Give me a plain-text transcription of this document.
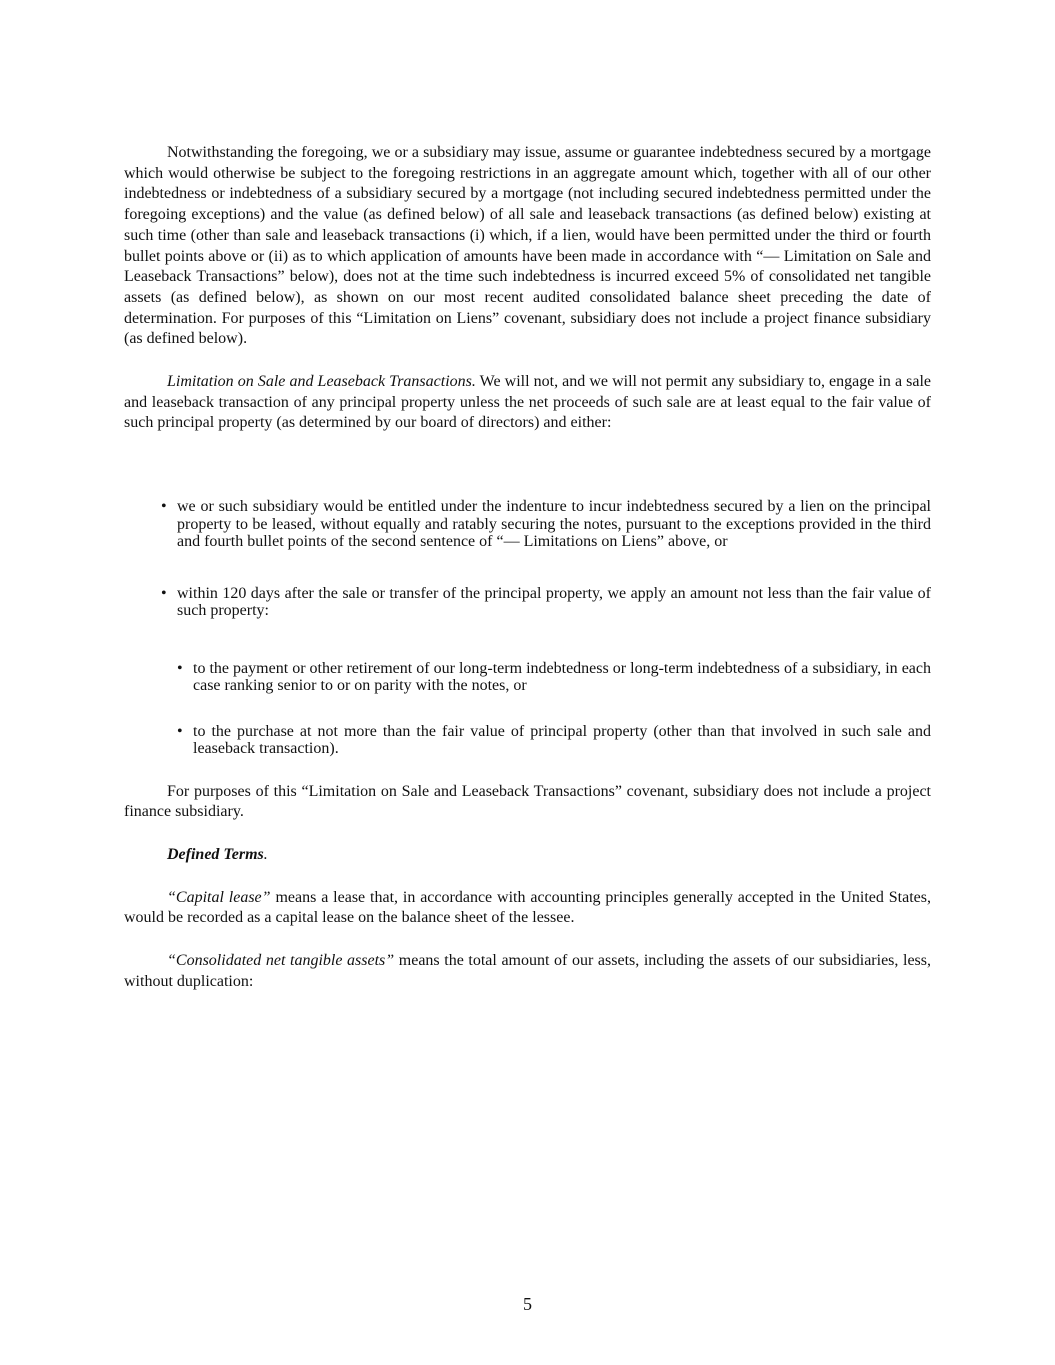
Notwithstanding the foregoing, we or a subsidiary may issue, assume or guarantee indebtedness secured by a mortgage which would otherwise be subject to the foregoing restrictions in an aggregate amount which, together with all of our other indebtedness or indebtedness of a subsidiary secured by a mortgage (not including secured indebtedness permitted under the foregoing exceptions) and the value (as defined below) of all sale and leaseback transactions (as defined below) existing at such time (other than sale and leaseback transactions (i) which, if a lien, would have been permitted under the third or fourth bullet points above or (ii) as to which application of amounts have been made in accordance with “— Limitation on Sale and Leaseback Transactions” below), does not at the time such indebtedness is incurred exceed 5% of consolidated net tangible assets (as defined below), as shown on our most recent audited consolidated balance sheet preceding the date of determination. For purposes of this “Limitation on Liens” covenant, subsidiary does not include a project finance subsidiary (as defined below).

Limitation on Sale and Leaseback Transactions. We will not, and we will not permit any subsidiary to, engage in a sale and leaseback transaction of any principal property unless the net proceeds of such sale are at least equal to the fair value of such principal property (as determined by our board of directors) and either:

• we or such subsidiary would be entitled under the indenture to incur indebtedness secured by a lien on the principal property to be leased, without equally and ratably securing the notes, pursuant to the exceptions provided in the third and fourth bullet points of the second sentence of “— Limitations on Liens” above, or
• within 120 days after the sale or transfer of the principal property, we apply an amount not less than the fair value of such property:
• to the payment or other retirement of our long-term indebtedness or long-term indebtedness of a subsidiary, in each case ranking senior to or on parity with the notes, or
• to the purchase at not more than the fair value of principal property (other than that involved in such sale and leaseback transaction).

For purposes of this “Limitation on Sale and Leaseback Transactions” covenant, subsidiary does not include a project finance subsidiary.

Defined Terms.

“Capital lease” means a lease that, in accordance with accounting principles generally accepted in the United States, would be recorded as a capital lease on the balance sheet of the lessee.

“Consolidated net tangible assets” means the total amount of our assets, including the assets of our subsidiaries, less, without duplication:

5
